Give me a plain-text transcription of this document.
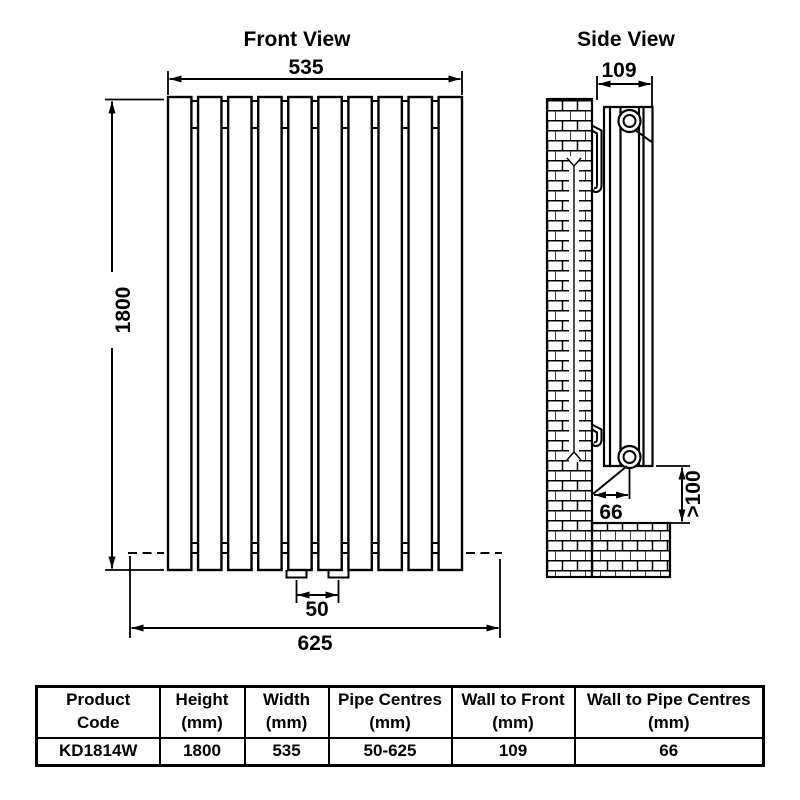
Front View
535
1800
50
625
Side View
109
66	>100
Product
Code

Height
(mm)

Width
(mm)

Pipe Centres
(mm)

Wall to Front
(mm)

Wall to Pipe Centres
(mm)

KD1814W	1800	535	50-625	109	66
